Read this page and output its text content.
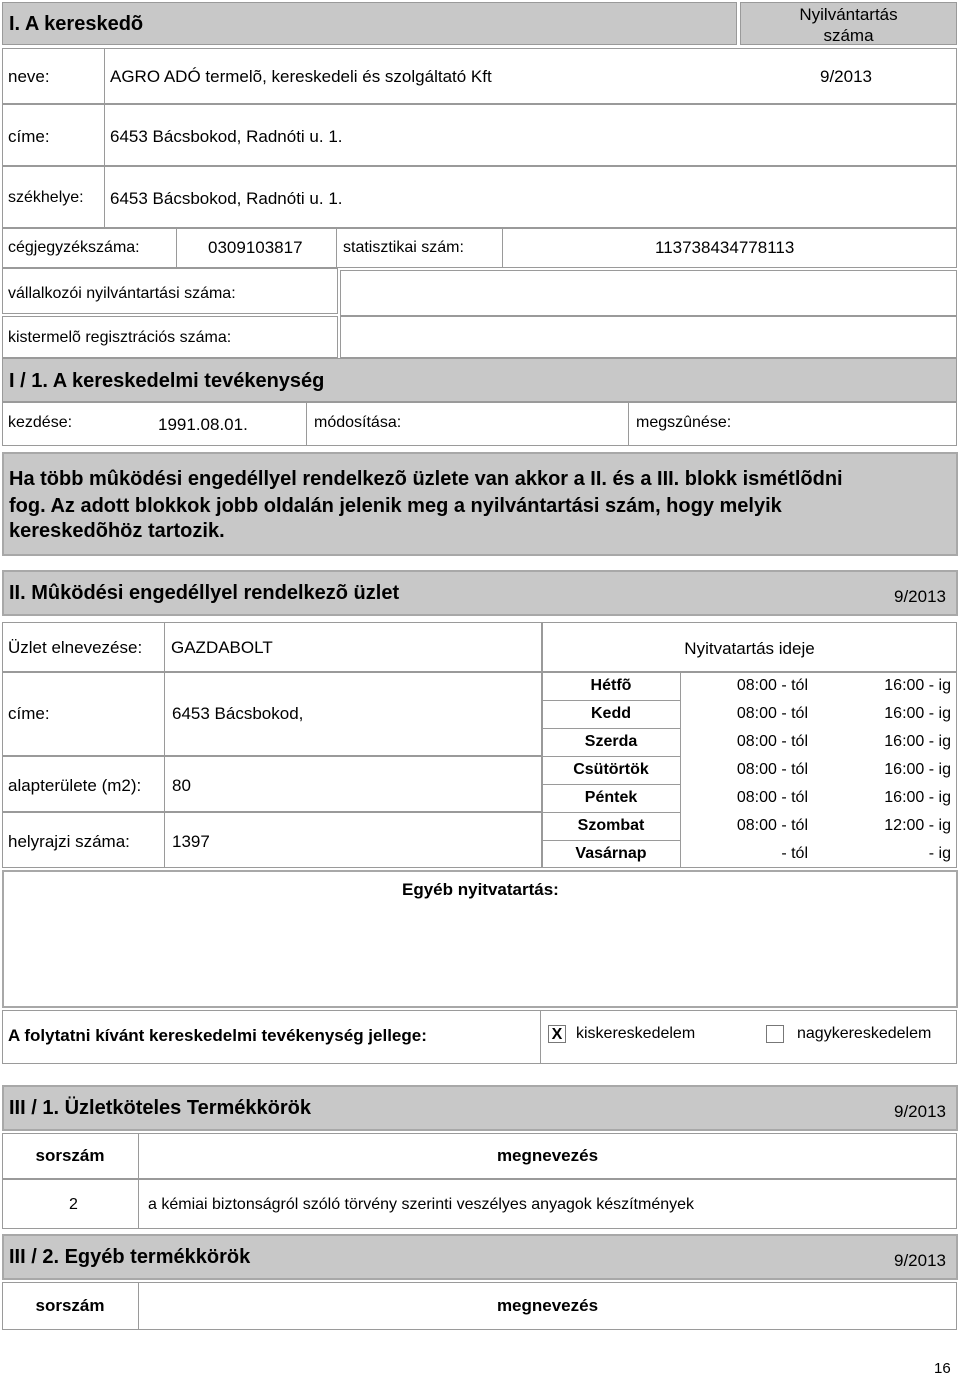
I. A kereskedõ	Nyilvántartás
száma
neve:	AGRO ADÓ termelõ, kereskedeli és szolgáltató Kft	9/2013
címe:	6453 Bácsbokod, Radnóti u. 1.
székhelye: 6453 Bácsbokod, Radnóti u. 1.
cégjegyzékszáma:	0309103817	statisztikai szám:	113738434778113
vállalkozói nyilvántartási száma:
kistermelõ regisztrációs száma:
I / 1. A kereskedelmi tevékenység
kezdése:	1991.08.01.	módosítása:	megszûnése:
Ha több mûködési engedéllyel rendelkezõ üzlete van akkor a II. és a III. blokk ismétlõdni
fog. Az adott blokkok jobb oldalán jelenik meg a nyilvántartási szám, hogy melyik
kereskedõhöz tartozik.
II. Mûködési engedéllyel rendelkezõ üzlet	9/2013
Üzlet elnevezése: GAZDABOLT	Nyitvatartás ideje
címe:	6453 Bácsbokod,
alapterülete (m2): 80
helyrajzi száma: 1397
Hétfõ	08:00 - tól	16:00 - ig
Kedd	08:00 - tól	16:00 - ig
Szerda	08:00 - tól	16:00 - ig
Csütörtök	08:00 - tól	16:00 - ig
Péntek	08:00 - tól	16:00 - ig
Szombat	08:00 - tól	12:00 - ig
Vasárnap	- tól	- ig
Egyéb nyitvatartás:
A folytatni kívánt kereskedelmi tevékenység jellege:	X kiskereskedelem	nagykereskedelem
III / 1. Üzletköteles Termékkörök	9/2013
sorszám	megnevezés
2	a kémiai biztonságról szóló törvény szerinti veszélyes anyagok készítmények
III / 2. Egyéb termékkörök	9/2013
sorszám	megnevezés
16
